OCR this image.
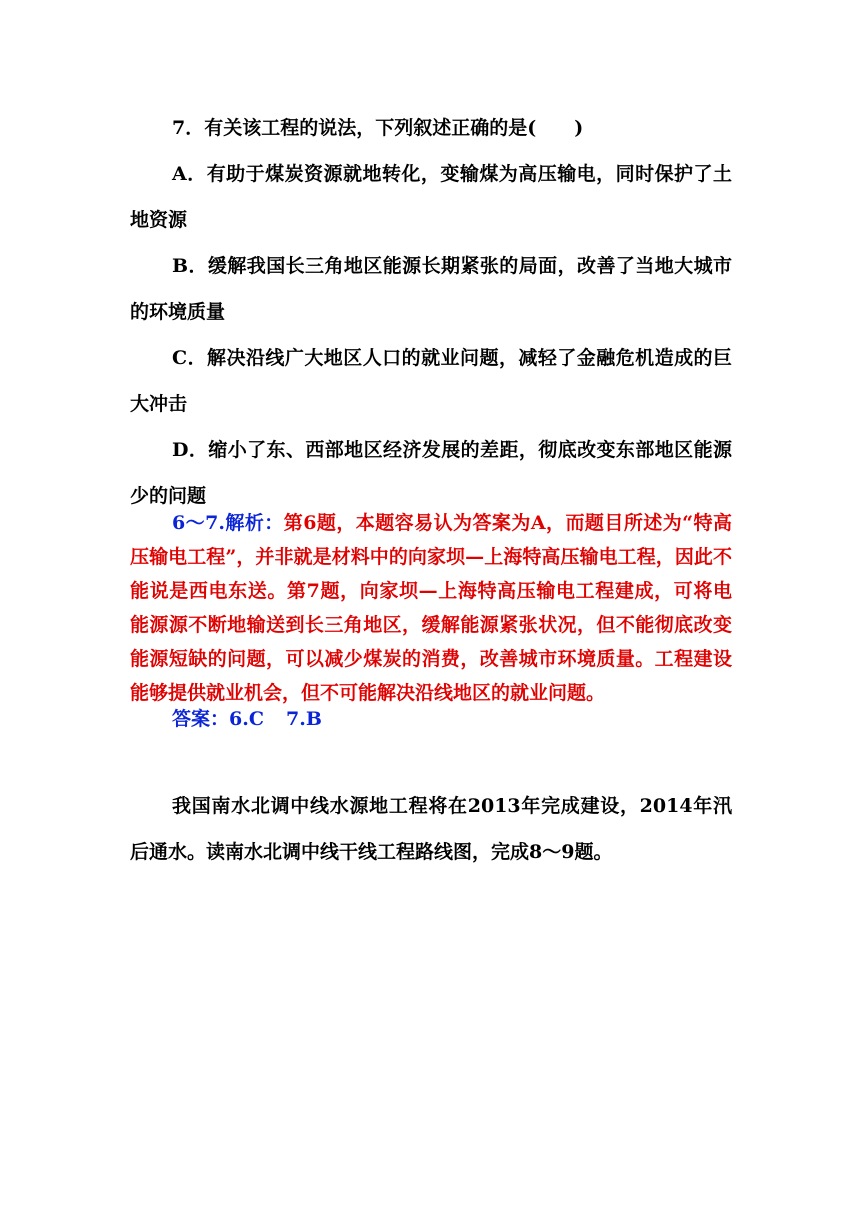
7．有关该工程的说法，下列叙述正确的是(　　)
A．有助于煤炭资源就地转化，变输煤为高压输电，同时保护了土地资源
B．缓解我国长三角地区能源长期紧张的局面，改善了当地大城市的环境质量
C．解决沿线广大地区人口的就业问题，减轻了金融危机造成的巨大冲击
D．缩小了东、西部地区经济发展的差距，彻底改变东部地区能源少的问题
6～7.解析：第6题，本题容易认为答案为A，而题目所述为“特高压输电工程”，并非就是材料中的向家坝—上海特高压输电工程，因此不能说是西电东送。第7题，向家坝—上海特高压输电工程建成，可将电能源源不断地输送到长三角地区，缓解能源紧张状况，但不能彻底改变能源短缺的问题，可以减少煤炭的消费，改善城市环境质量。工程建设能够提供就业机会，但不可能解决沿线地区的就业问题。
答案：6.C 7.B
我国南水北调中线水源地工程将在2013年完成建设，2014年汛后通水。读南水北调中线干线工程路线图，完成8～9题。
